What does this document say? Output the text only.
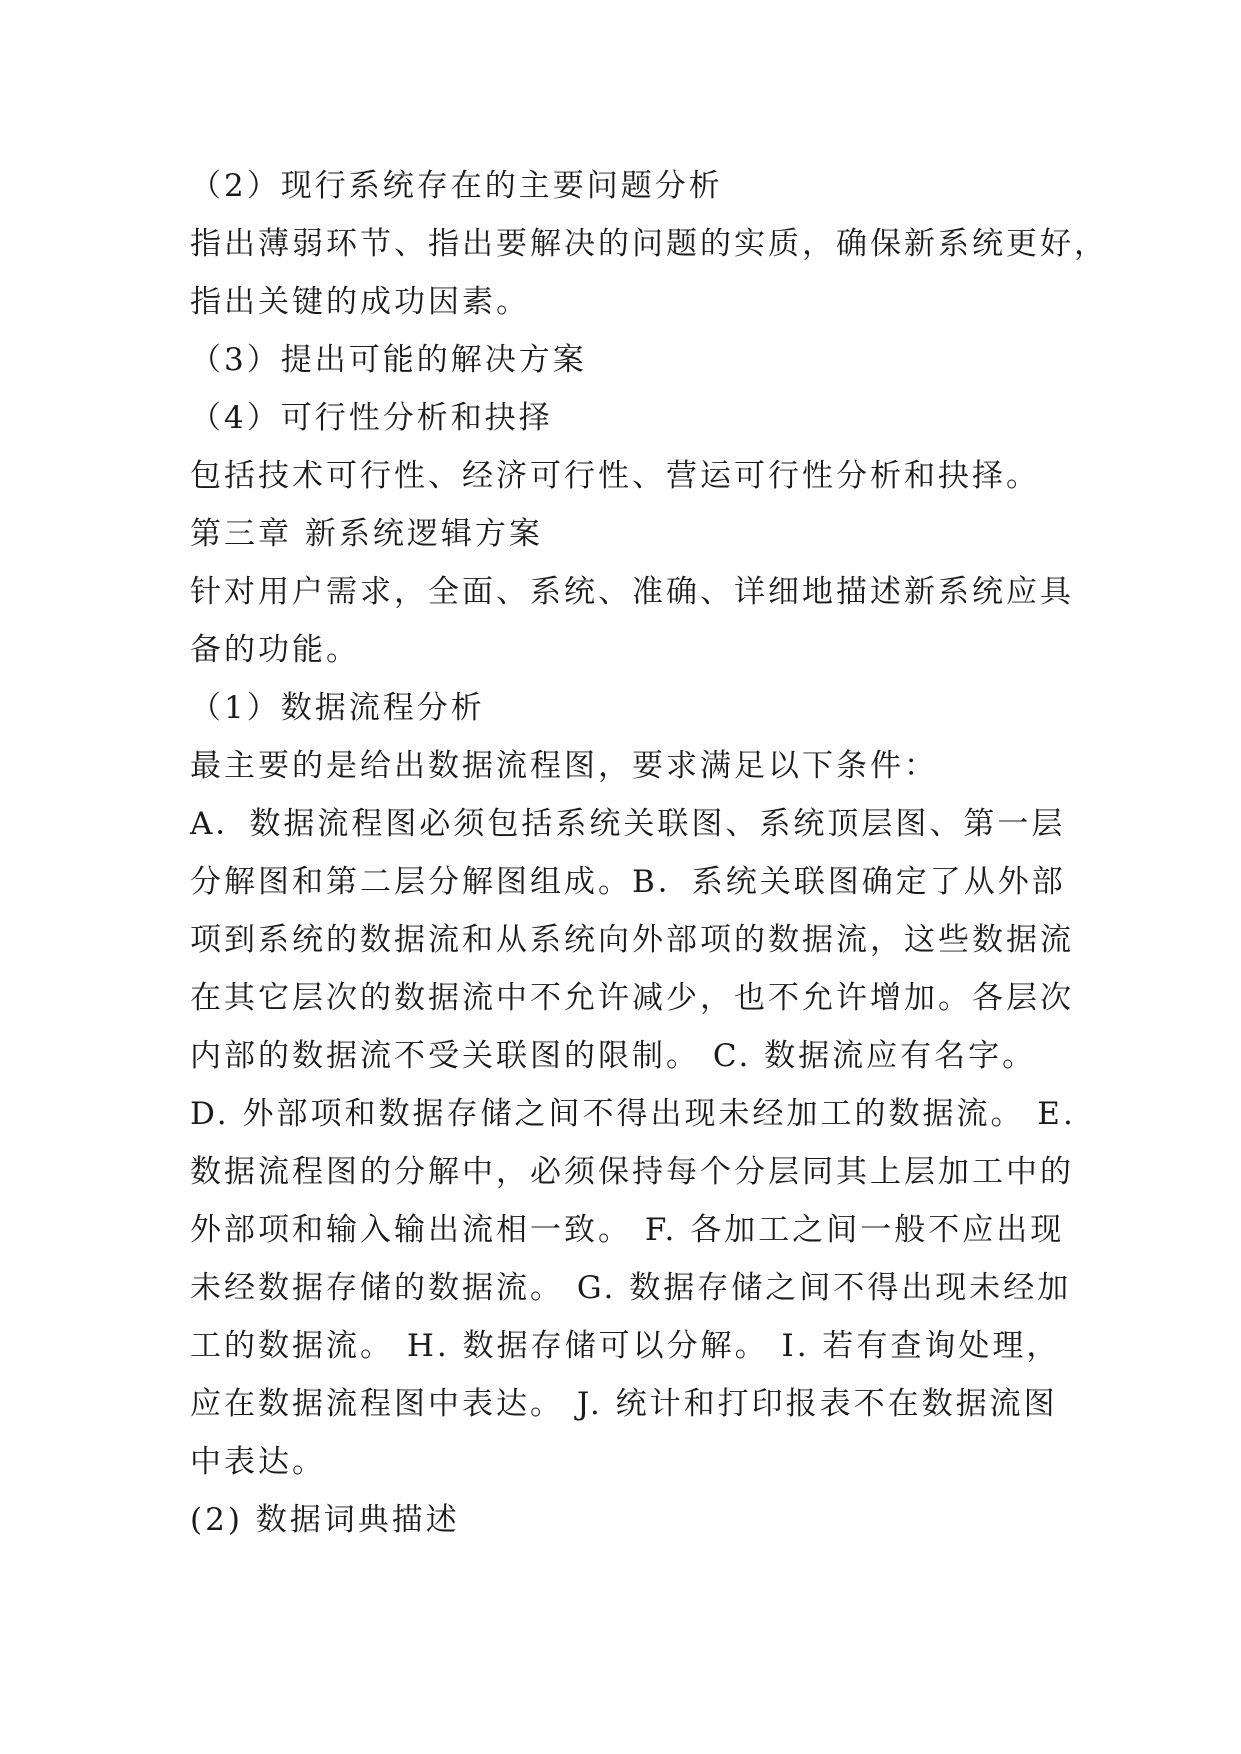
（2）现行系统存在的主要问题分析
指出薄弱环节、指出要解决的问题的实质，确保新系统更好，
指出关键的成功因素。
（3）提出可能的解决方案
（4）可行性分析和抉择
包括技术可行性、经济可行性、营运可行性分析和抉择。
第三章 新系统逻辑方案
针对用户需求，全面、系统、准确、详细地描述新系统应具
备的功能。
（1）数据流程分析
最主要的是给出数据流程图，要求满足以下条件：
A．数据流程图必须包括系统关联图、系统顶层图、第一层
分解图和第二层分解图组成。B．系统关联图确定了从外部
项到系统的数据流和从系统向外部项的数据流，这些数据流
在其它层次的数据流中不允许减少，也不允许增加。各层次
内部的数据流不受关联图的限制。 C. 数据流应有名字。
D. 外部项和数据存储之间不得出现未经加工的数据流。 E.
数据流程图的分解中，必须保持每个分层同其上层加工中的
外部项和输入输出流相一致。 F. 各加工之间一般不应出现
未经数据存储的数据流。 G. 数据存储之间不得出现未经加
工的数据流。 H. 数据存储可以分解。 I. 若有查询处理，
应在数据流程图中表达。 J. 统计和打印报表不在数据流图
中表达。
(2) 数据词典描述
